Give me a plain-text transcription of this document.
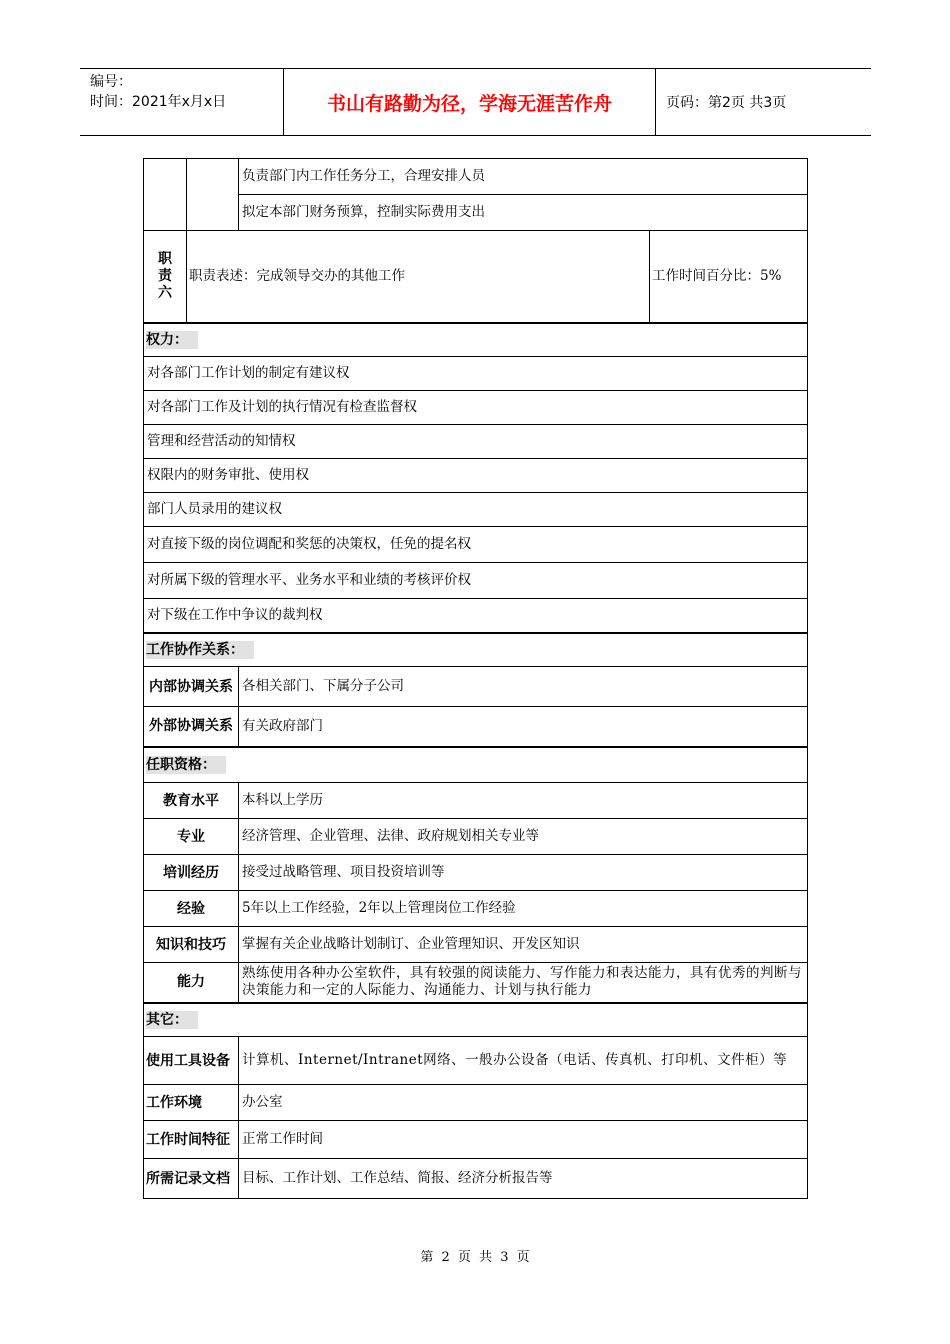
编号：
时间：2021年x月x日	书山有路勤为径，学海无涯苦作舟	页码：第2页 共3页
		负责部门内工作任务分工，合理安排人员	
		拟定本部门财务预算，控制实际费用支出	
职责六	职责表述：完成领导交办的其他工作		工作时间百分比：5%
权力：			
对各部门工作计划的制定有建议权			
对各部门工作及计划的执行情况有检查监督权			
管理和经营活动的知情权			
权限内的财务审批、使用权			
部门人员录用的建议权			
对直接下级的岗位调配和奖惩的决策权，任免的提名权			
对所属下级的管理水平、业务水平和业绩的考核评价权			
对下级在工作中争议的裁判权			
工作协作关系：			
内部协调关系		各相关部门、下属分子公司	
外部协调关系		有关政府部门	
任职资格：			
教育水平		本科以上学历	
专业		经济管理、企业管理、法律、政府规划相关专业等	
培训经历		接受过战略管理、项目投资培训等	
经验		5年以上工作经验，2年以上管理岗位工作经验	
知识和技巧		掌握有关企业战略计划制订、企业管理知识、开发区知识	
能力		熟练使用各种办公室软件，具有较强的阅读能力、写作能力和表达能力，具有优秀的判断与决策能力和一定的人际能力、沟通能力、计划与执行能力	
其它：			
使用工具设备		计算机、Internet/Intranet网络、一般办公设备（电话、传真机、打印机、文件柜）等	
工作环境		办公室	
工作时间特征		正常工作时间	
所需记录文档		目标、工作计划、工作总结、简报、经济分析报告等	
第 2 页 共 3 页
